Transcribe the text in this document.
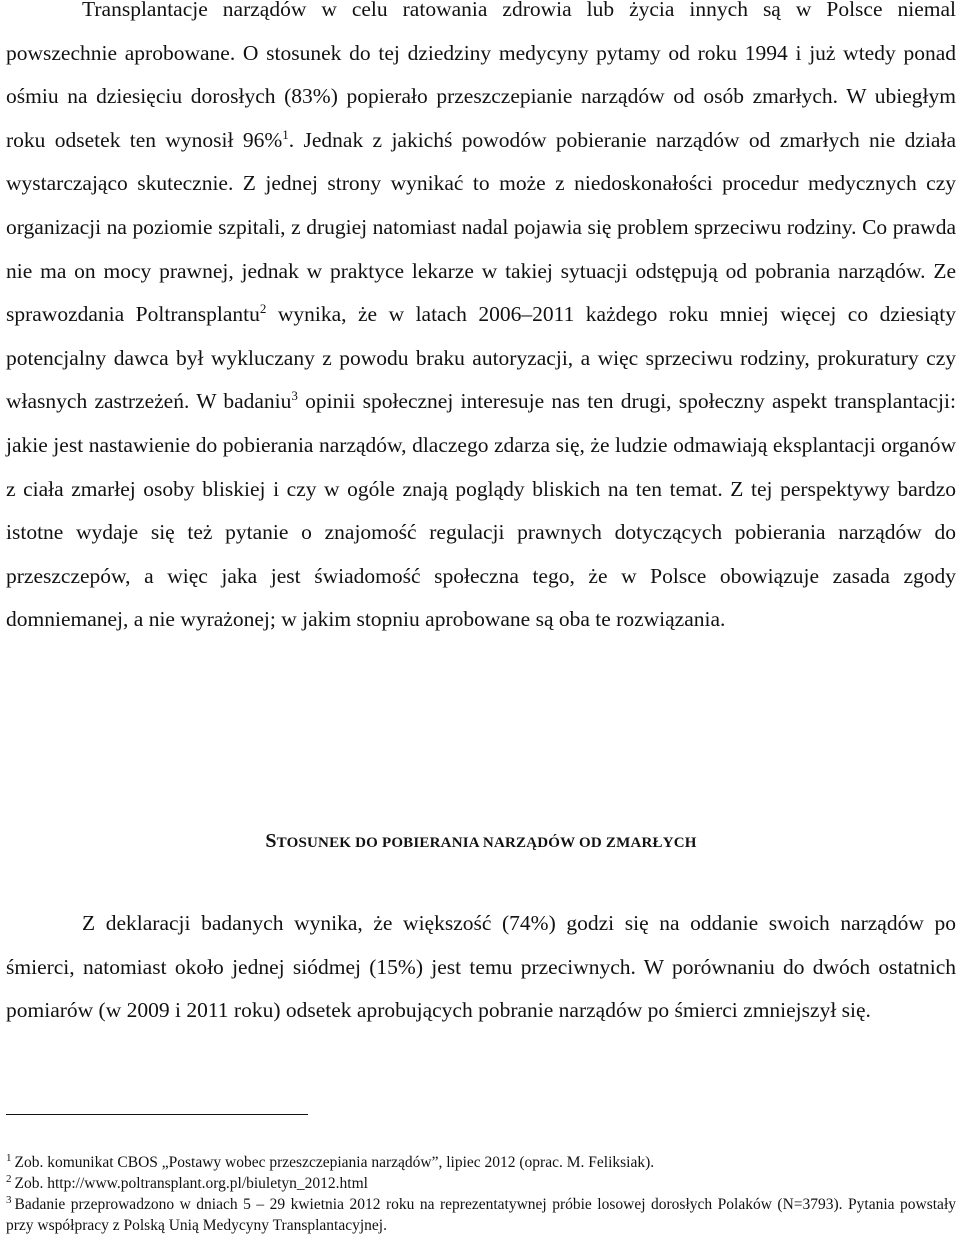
Transplantacje narządów w celu ratowania zdrowia lub życia innych są w Polsce niemal powszechnie aprobowane. O stosunek do tej dziedziny medycyny pytamy od roku 1994 i już wtedy ponad ośmiu na dziesięciu dorosłych (83%) popierało przeszczepianie narządów od osób zmarłych. W ubiegłym roku odsetek ten wynosił 96%$^1$. Jednak z jakichś powodów pobieranie narządów od zmarłych nie działa wystarczająco skutecznie. Z jednej strony wynikać to może z niedoskonałości procedur medycznych czy organizacji na poziomie szpitali, z drugiej natomiast nadal pojawia się problem sprzeciwu rodziny. Co prawda nie ma on mocy prawnej, jednak w praktyce lekarze w takiej sytuacji odstępują od pobrania narządów. Ze sprawozdania Poltransplantu$^2$ wynika, że w latach 2006–2011 każdego roku mniej więcej co dziesiąty potencjalny dawca był wykluczany z powodu braku autoryzacji, a więc sprzeciwu rodziny, prokuratury czy własnych zastrzeżeń. W badaniu$^3$ opinii społecznej interesuje nas ten drugi, społeczny aspekt transplantacji: jakie jest nastawienie do pobierania narządów, dlaczego zdarza się, że ludzie odmawiają eksplantacji organów z ciała zmarłej osoby bliskiej i czy w ogóle znają poglądy bliskich na ten temat. Z tej perspektywy bardzo istotne wydaje się też pytanie o znajomość regulacji prawnych dotyczących pobierania narządów do przeszczepów, a więc jaka jest świadomość społeczna tego, że w Polsce obowiązuje zasada zgody domniemanej, a nie wyrażonej; w jakim stopniu aprobowane są oba te rozwiązania.

STOSUNEK DO POBIERANIA NARZĄDÓW OD ZMARŁYCH

Z deklaracji badanych wynika, że większość (74%) godzi się na oddanie swoich narządów po śmierci, natomiast około jednej siódmej (15%) jest temu przeciwnych. W porównaniu do dwóch ostatnich pomiarów (w 2009 i 2011 roku) odsetek aprobujących pobranie narządów po śmierci zmniejszył się.

$^1$ Zob. komunikat CBOS „Postawy wobec przeszczepiania narządów”, lipiec 2012 (oprac. M. Feliksiak).

$^2$ Zob. http://www.poltransplant.org.pl/biuletyn_2012.html

$^3$ Badanie przeprowadzono w dniach 5 – 29 kwietnia 2012 roku na reprezentatywnej próbie losowej dorosłych Polaków (N=3793). Pytania powstały przy współpracy z Polską Unią Medycyny Transplantacyjnej.
